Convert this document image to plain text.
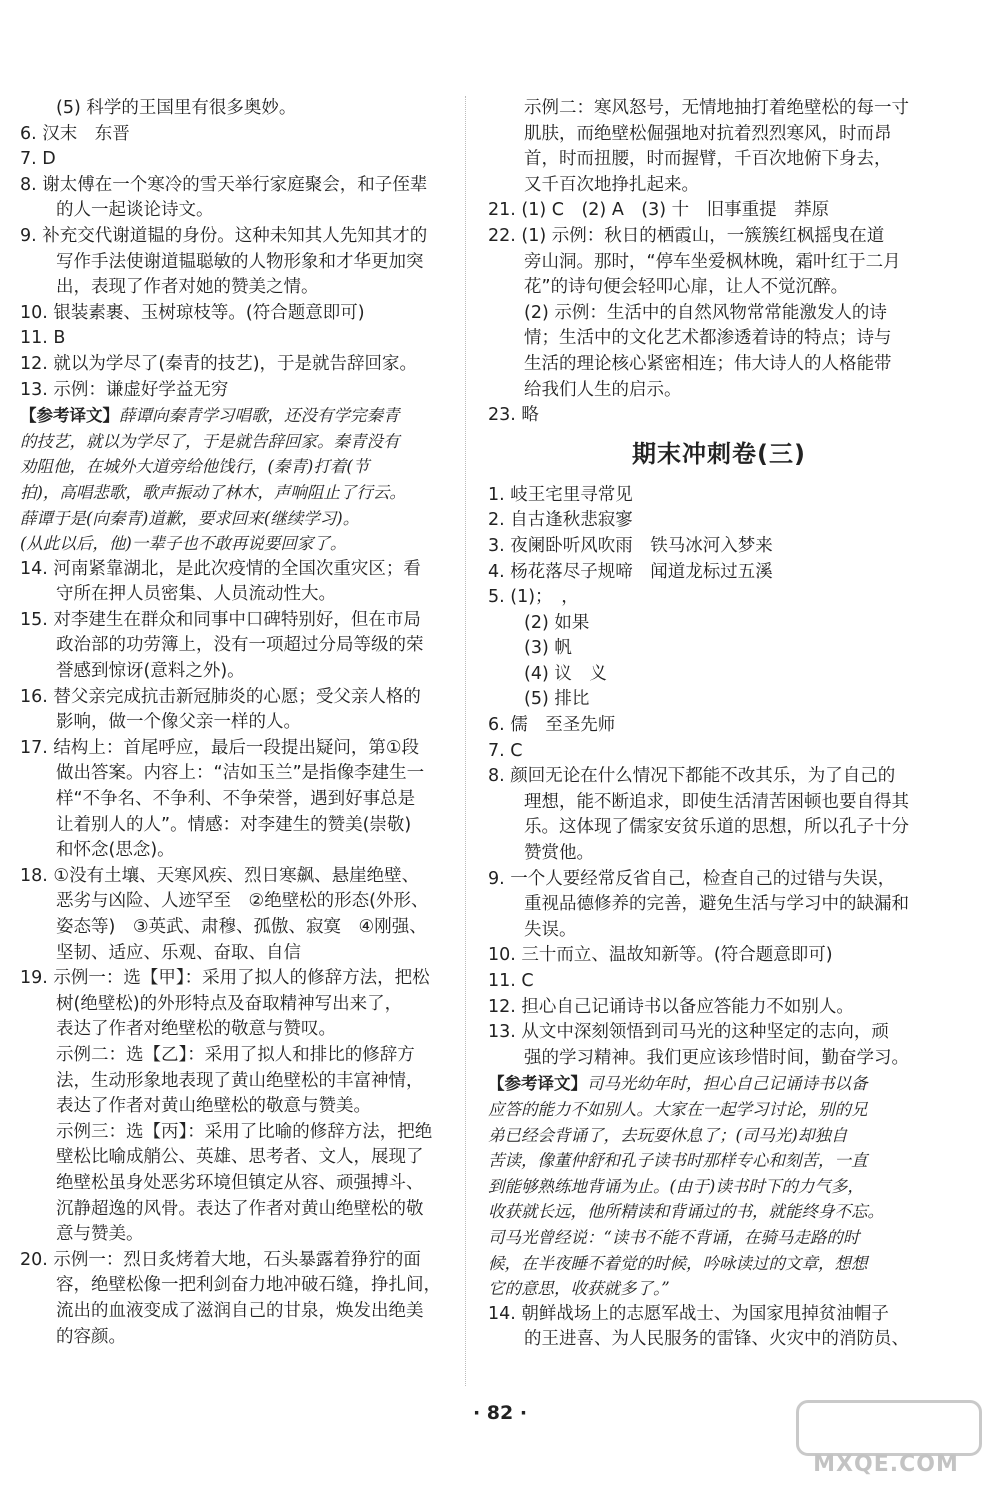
(5) 科学的王国里有很多奥妙。
6. 汉末　东晋
7. D
8. 谢太傅在一个寒冷的雪天举行家庭聚会，和子侄辈
的人一起谈论诗文。
9. 补充交代谢道韫的身份。这种未知其人先知其才的
写作手法使谢道韫聪敏的人物形象和才华更加突
出，表现了作者对她的赞美之情。
10. 银装素裹、玉树琼枝等。(符合题意即可)
11. B
12. 就以为学尽了(秦青的技艺)，于是就告辞回家。
13. 示例：谦虚好学益无穷
【参考译文】薛谭向秦青学习唱歌，还没有学完秦青
的技艺，就以为学尽了，于是就告辞回家。秦青没有
劝阻他，在城外大道旁给他饯行，(秦青)打着(节
拍)，高唱悲歌，歌声振动了林木，声响阻止了行云。
薛谭于是(向秦青)道歉，要求回来(继续学习)。
(从此以后，他)一辈子也不敢再说要回家了。
14. 河南紧靠湖北，是此次疫情的全国次重灾区；看
守所在押人员密集、人员流动性大。
15. 对李建生在群众和同事中口碑特别好，但在市局
政治部的功劳簿上，没有一项超过分局等级的荣
誉感到惊讶(意料之外)。
16. 替父亲完成抗击新冠肺炎的心愿；受父亲人格的
影响，做一个像父亲一样的人。
17. 结构上：首尾呼应，最后一段提出疑问，第①段
做出答案。内容上：“洁如玉兰”是指像李建生一
样“不争名、不争利、不争荣誉，遇到好事总是
让着别人的人”。情感：对李建生的赞美(崇敬)
和怀念(思念)。
18. ①没有土壤、天寒风疾、烈日寒飙、悬崖绝壁、
恶劣与凶险、人迹罕至　②绝壁松的形态(外形、
姿态等)　③英武、肃穆、孤傲、寂寞　④刚强、
坚韧、适应、乐观、奋取、自信
19. 示例一：选【甲】：采用了拟人的修辞方法，把松
树(绝壁松)的外形特点及奋取精神写出来了，
表达了作者对绝壁松的敬意与赞叹。
示例二：选【乙】：采用了拟人和排比的修辞方
法，生动形象地表现了黄山绝壁松的丰富神情，
表达了作者对黄山绝壁松的敬意与赞美。
示例三：选【丙】：采用了比喻的修辞方法，把绝
壁松比喻成艄公、英雄、思考者、文人，展现了
绝壁松虽身处恶劣环境但镇定从容、顽强搏斗、
沉静超逸的风骨。表达了作者对黄山绝壁松的敬
意与赞美。
20. 示例一：烈日炙烤着大地，石头暴露着狰狞的面
容，绝壁松像一把利剑奋力地冲破石缝，挣扎间，
流出的血液变成了滋润自己的甘泉，焕发出绝美
的容颜。
示例二：寒风怒号，无情地抽打着绝壁松的每一寸
肌肤，而绝壁松倔强地对抗着烈烈寒风，时而昂
首，时而扭腰，时而握臂，千百次地俯下身去，
又千百次地挣扎起来。
21. (1) C　(2) A　(3) 十　旧事重提　莽原
22. (1) 示例：秋日的栖霞山，一簇簇红枫摇曳在道
旁山洞。那时，“停车坐爱枫林晚，霜叶红于二月
花”的诗句便会轻叩心扉，让人不觉沉醉。
(2) 示例：生活中的自然风物常常能激发人的诗
情；生活中的文化艺术都渗透着诗的特点；诗与
生活的理论核心紧密相连；伟大诗人的人格能带
给我们人生的启示。
23. 略
期末冲刺卷(三)
1. 岐王宅里寻常见
2. 自古逢秋悲寂寥
3. 夜阑卧听风吹雨　铁马冰河入梦来
4. 杨花落尽子规啼　闻道龙标过五溪
5. (1)；　，
(2) 如果
(3) 帆
(4) 议　义
(5) 排比
6. 儒　至圣先师
7. C
8. 颜回无论在什么情况下都能不改其乐，为了自己的
理想，能不断追求，即使生活清苦困顿也要自得其
乐。这体现了儒家安贫乐道的思想，所以孔子十分
赞赏他。
9. 一个人要经常反省自己，检查自己的过错与失误，
重视品德修养的完善，避免生活与学习中的缺漏和
失误。
10. 三十而立、温故知新等。(符合题意即可)
11. C
12. 担心自己记诵诗书以备应答能力不如别人。
13. 从文中深刻领悟到司马光的这种坚定的志向，顽
强的学习精神。我们更应该珍惜时间，勤奋学习。
【参考译文】司马光幼年时，担心自己记诵诗书以备
应答的能力不如别人。大家在一起学习讨论，别的兄
弟已经会背诵了，去玩耍休息了；(司马光)却独自
苦读，像董仲舒和孔子读书时那样专心和刻苦，一直
到能够熟练地背诵为止。(由于)读书时下的力气多，
收获就长远，他所精读和背诵过的书，就能终身不忘。
司马光曾经说：“读书不能不背诵，在骑马走路的时
候，在半夜睡不着觉的时候，吟咏读过的文章，想想
它的意思，收获就多了。”
14. 朝鲜战场上的志愿军战士、为国家甩掉贫油帽子
的王进喜、为人民服务的雷锋、火灾中的消防员、
· 82 ·
MXQE.COM
